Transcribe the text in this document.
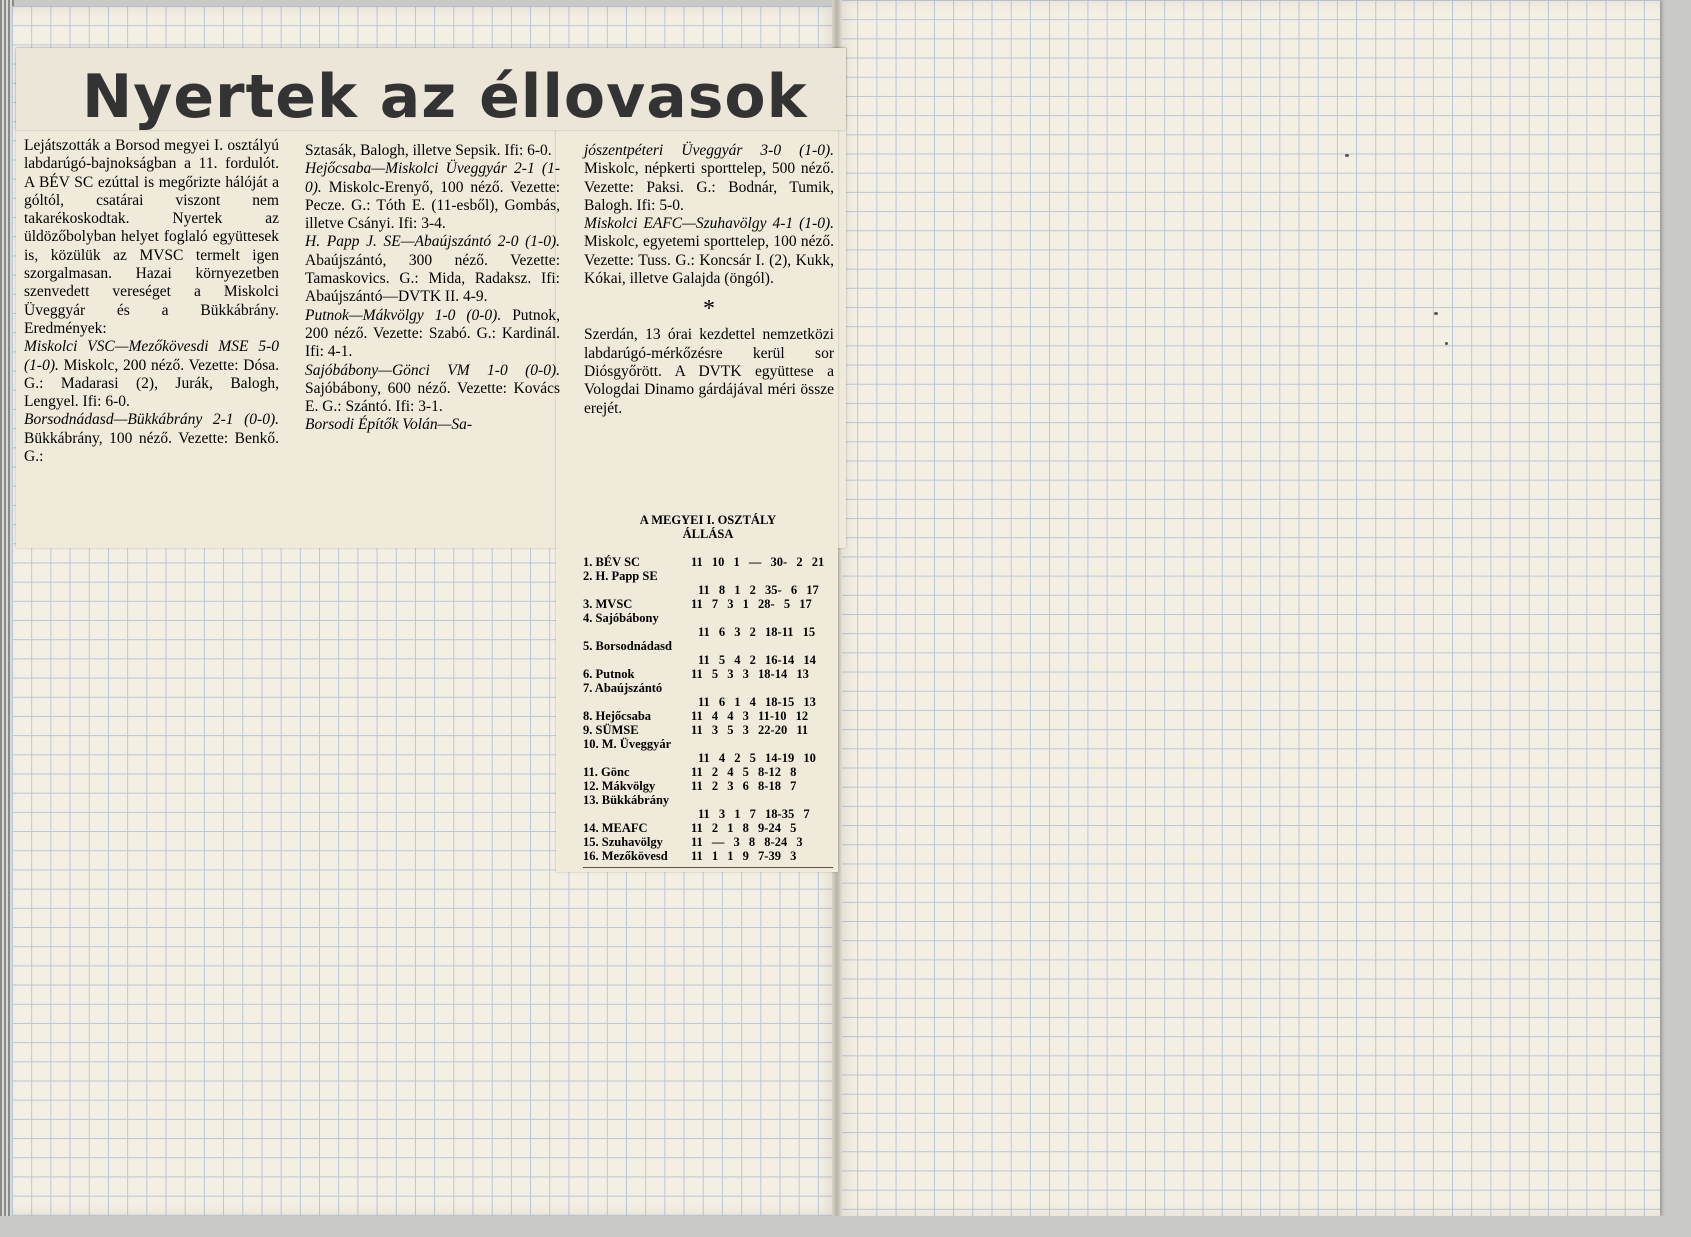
Nyertek az éllovasok

Lejátszották a Borsod megyei I. osztályú labdarúgó-bajnokságban a 11. fordulót. A BÉV SC ezúttal is megőrizte hálóját a góltól, csatárai viszont nem takarékoskodtak. Nyertek az üldözőbolyban helyet foglaló együttesek is, közülük az MVSC termelt igen szorgalmasan. Hazai környezetben szenvedett vereséget a Miskolci Üveggyár és a Bükkábrány. Eredmények:

Miskolci VSC—Mezőkövesdi MSE 5-0 (1-0). Miskolc, 200 néző. Vezette: Dósa. G.: Madarasi (2), Jurák, Balogh, Lengyel. Ifi: 6-0.

Borsodnádasd—Bükkábrány 2-1 (0-0). Bükkábrány, 100 néző. Vezette: Benkő. G.:

Sztasák, Balogh, illetve Sepsik. Ifi: 6-0.

Hejőcsaba—Miskolci Üveggyár 2-1 (1-0). Miskolc-Erenyő, 100 néző. Vezette: Pecze. G.: Tóth E. (11-esből), Gombás, illetve Csányi. Ifi: 3-4.

H. Papp J. SE—Abaújszántó 2-0 (1-0). Abaújszántó, 300 néző. Vezette: Tamaskovics. G.: Mida, Radaksz. Ifi: Abaújszántó—DVTK II. 4-9.

Putnok—Mákvölgy 1-0 (0-0). Putnok, 200 néző. Vezette: Szabó. G.: Kardinál. Ifi: 4-1.

Sajóbábony—Gönci VM 1-0 (0-0). Sajóbábony, 600 néző. Vezette: Kovács E. G.: Szántó. Ifi: 3-1.

Borsodi Építők Volán—Sa-

jószentpéteri Üveggyár 3-0 (1-0). Miskolc, népkerti sporttelep, 500 néző. Vezette: Paksi. G.: Bodnár, Tumik, Balogh. Ifi: 5-0.

Miskolci EAFC—Szuhavölgy 4-1 (1-0). Miskolc, egyetemi sporttelep, 100 néző. Vezette: Tuss. G.: Koncsár I. (2), Kukk, Kókai, illetve Galajda (öngól).

*

Szerdán, 13 órai kezdettel nemzetközi labdarúgó-mérkőzésre kerül sor Diósgyőrött. A DVTK együttese a Vologdai Dinamo gárdájával méri össze erejét.

A MEGYEI I. OSZTÁLY
ÁLLÁSA
1. BÉV SC	11 10 1 — 30- 2 21
2. H. Papp SE
11 8 1 2 35- 6 17
3. MVSC	11 7 3 1 28- 5 17
4. Sajóbábony
11 6 3 2 18-11 15
5. Borsodnádasd
11 5 4 2 16-14 14
6. Putnok	11 5 3 3 18-14 13
7. Abaújszántó
11 6 1 4 18-15 13
8. Hejőcsaba	11 4 4 3 11-10 12
9. SÜMSE	11 3 5 3 22-20 11
10. M. Üveggyár
11 4 2 5 14-19 10
11. Gönc	11 2 4 5 8-12 8
12. Mákvölgy	11 2 3 6 8-18 7
13. Bükkábrány
11 3 1 7 18-35 7
14. MEAFC	11 2 1 8 9-24 5
15. Szuhavölgy	11 — 3 8 8-24 3
16. Mezőkövesd	11 1 1 9 7-39 3
